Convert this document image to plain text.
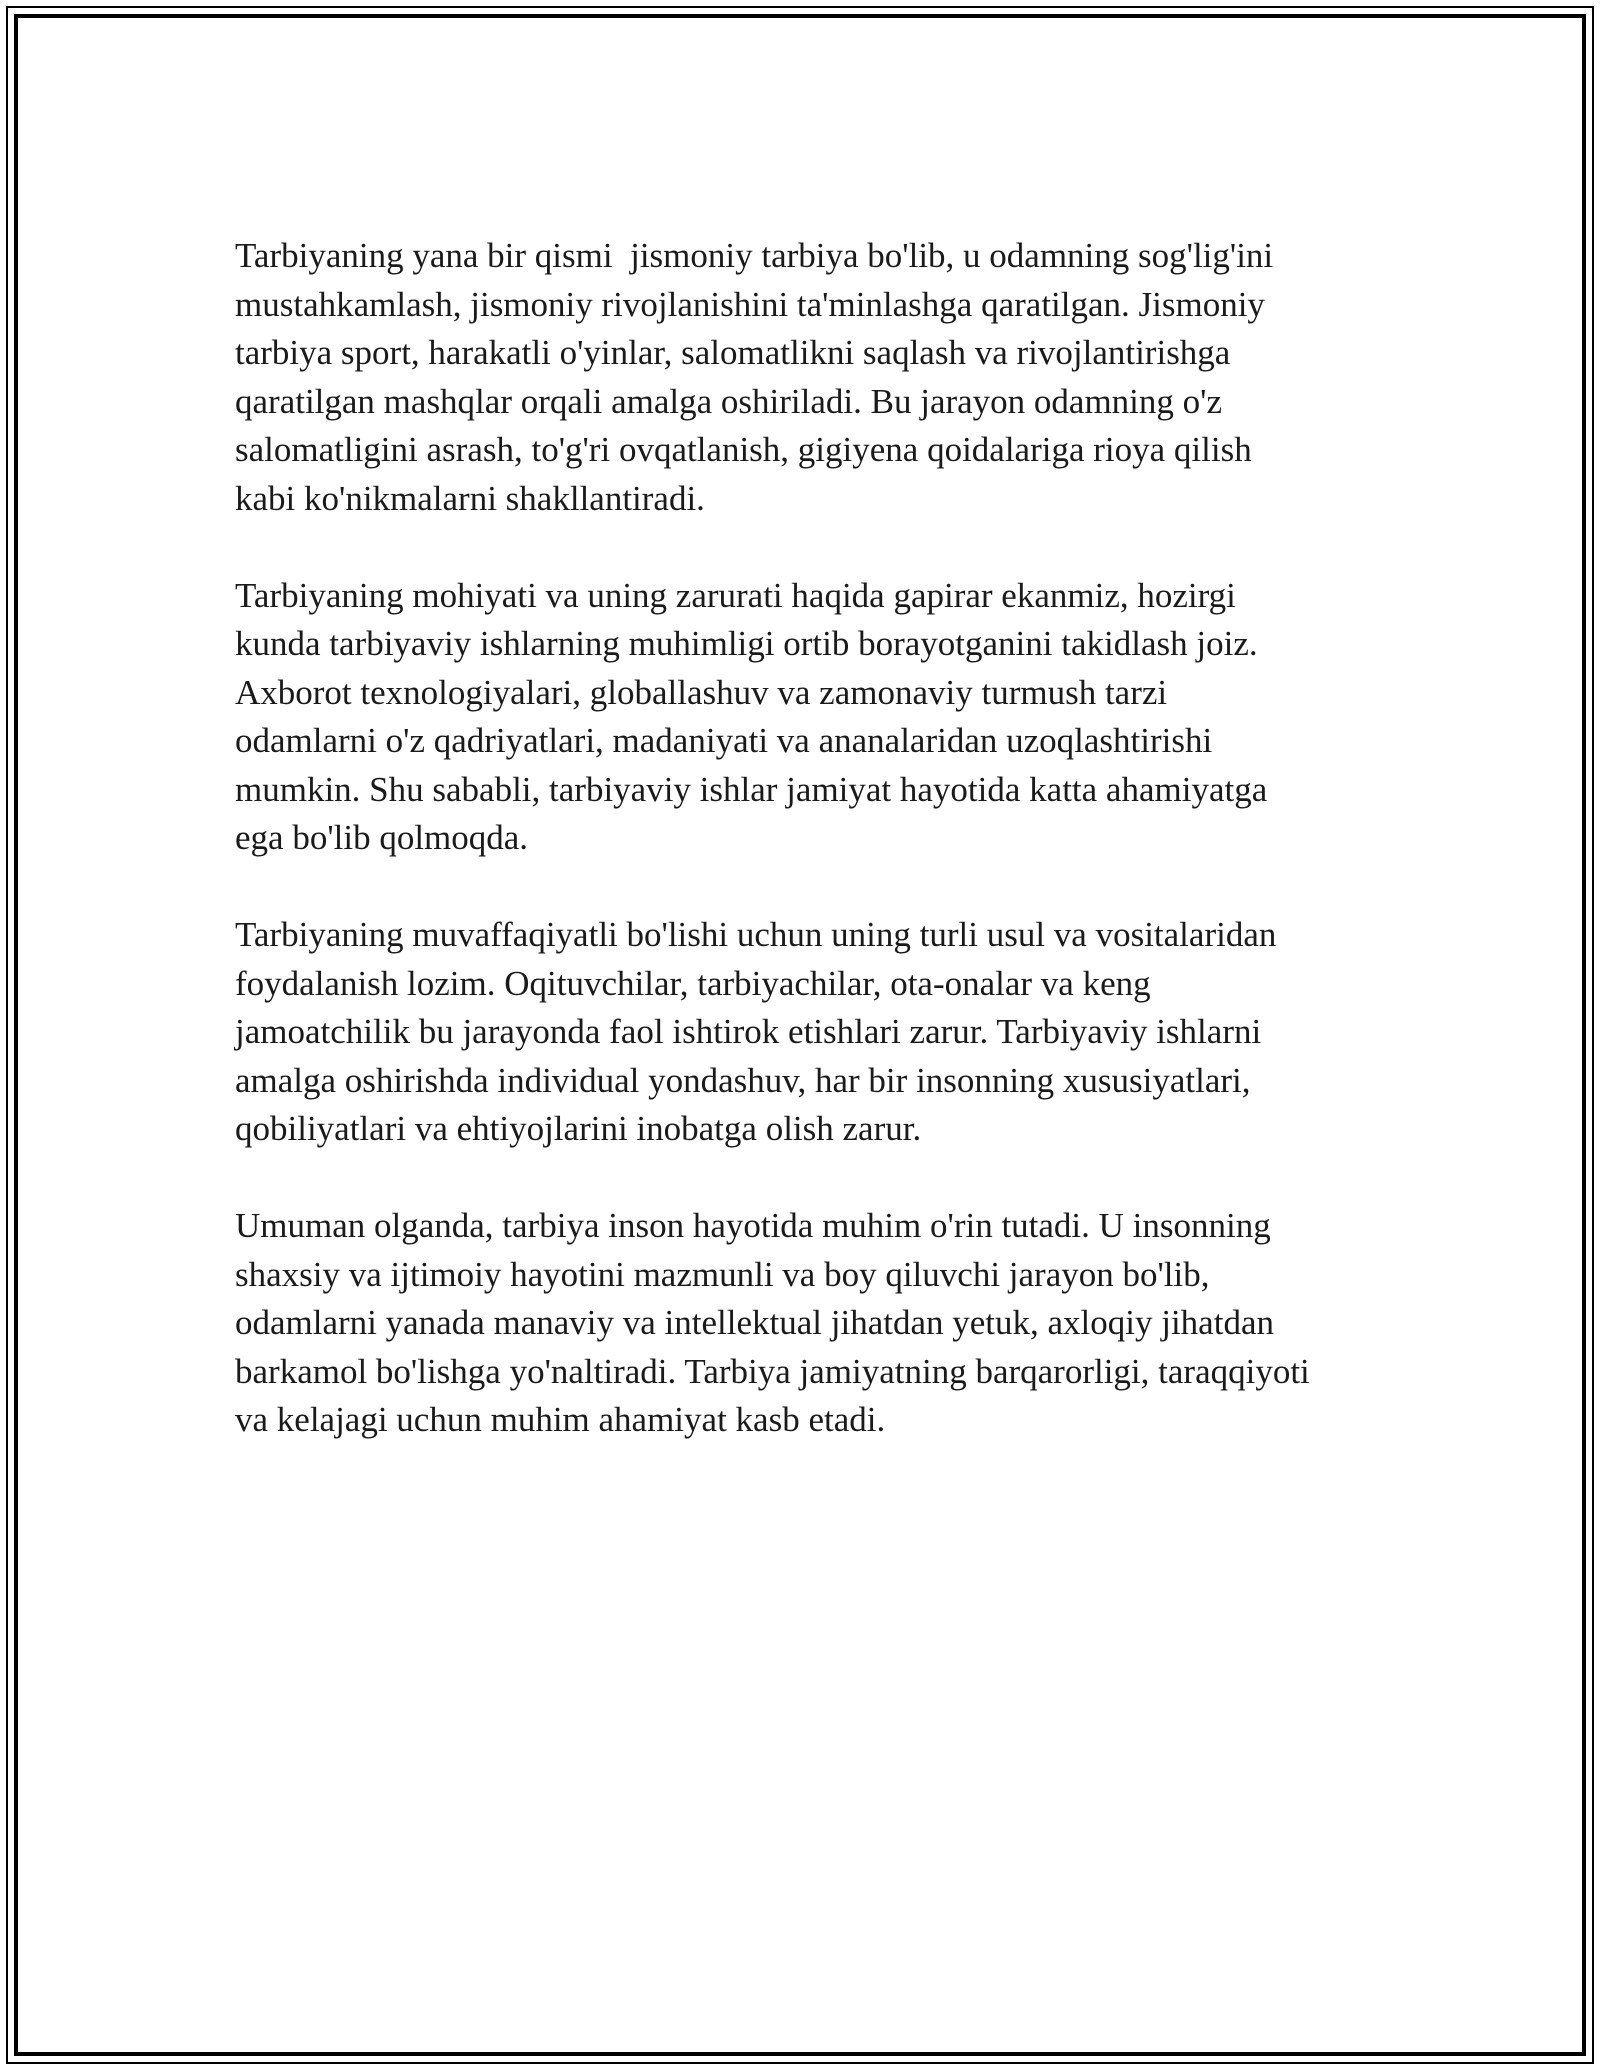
Tarbiyaning yana bir qismi  jismoniy tarbiya bo'lib, u odamning sog'lig'ini
mustahkamlash, jismoniy rivojlanishini ta'minlashga qaratilgan. Jismoniy
tarbiya sport, harakatli o'yinlar, salomatlikni saqlash va rivojlantirishga
qaratilgan mashqlar orqali amalga oshiriladi. Bu jarayon odamning o'z
salomatligini asrash, to'g'ri ovqatlanish, gigiyena qoidalariga rioya qilish
kabi ko'nikmalarni shakllantiradi.

Tarbiyaning mohiyati va uning zarurati haqida gapirar ekanmiz, hozirgi
kunda tarbiyaviy ishlarning muhimligi ortib borayotganini takidlash joiz.
Axborot texnologiyalari, globallashuv va zamonaviy turmush tarzi
odamlarni o'z qadriyatlari, madaniyati va ananalaridan uzoqlashtirishi
mumkin. Shu sababli, tarbiyaviy ishlar jamiyat hayotida katta ahamiyatga
ega bo'lib qolmoqda.

Tarbiyaning muvaffaqiyatli bo'lishi uchun uning turli usul va vositalaridan
foydalanish lozim. Oqituvchilar, tarbiyachilar, ota-onalar va keng
jamoatchilik bu jarayonda faol ishtirok etishlari zarur. Tarbiyaviy ishlarni
amalga oshirishda individual yondashuv, har bir insonning xususiyatlari,
qobiliyatlari va ehtiyojlarini inobatga olish zarur.

Umuman olganda, tarbiya inson hayotida muhim o'rin tutadi. U insonning
shaxsiy va ijtimoiy hayotini mazmunli va boy qiluvchi jarayon bo'lib,
odamlarni yanada manaviy va intellektual jihatdan yetuk, axloqiy jihatdan
barkamol bo'lishga yo'naltiradi. Tarbiya jamiyatning barqarorligi, taraqqiyoti
va kelajagi uchun muhim ahamiyat kasb etadi.
